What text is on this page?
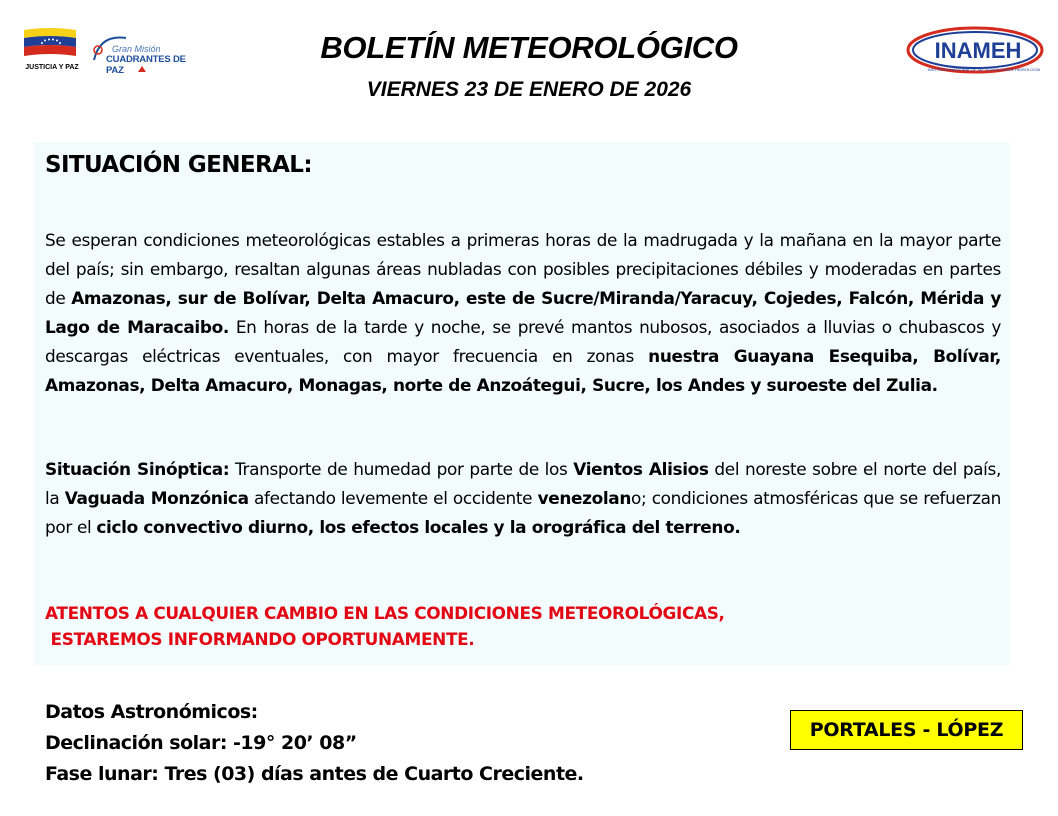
JUSTICIA Y PAZ
Gran Misión
CUADRANTES DE PAZ
BOLETÍN METEOROLÓGICO
VIERNES 23 DE ENERO DE 2026
INAMEH
INSTITUTO NACIONAL DE METEOROLOGÍA E HIDROLOGÍA
SITUACIÓN GENERAL:
Se esperan condiciones meteorológicas estables a primeras horas de la madrugada y la mañana en la mayor parte del país; sin embargo, resaltan algunas áreas nubladas con posibles precipitaciones débiles y moderadas en partes de Amazonas, sur de Bolívar, Delta Amacuro, este de Sucre/Miranda/Yaracuy, Cojedes, Falcón, Mérida y Lago de Maracaibo. En horas de la tarde y noche, se prevé mantos nubosos, asociados a lluvias o chubascos y descargas eléctricas eventuales, con mayor frecuencia en zonas nuestra Guayana Esequiba, Bolívar, Amazonas, Delta Amacuro, Monagas, norte de Anzoátegui, Sucre, los Andes y suroeste del Zulia.
Situación Sinóptica: Transporte de humedad por parte de los Vientos Alisios del noreste sobre el norte del país, la Vaguada Monzónica afectando levemente el occidente venezolano; condiciones atmosféricas que se refuerzan por el ciclo convectivo diurno, los efectos locales y la orográfica del terreno.
ATENTOS A CUALQUIER CAMBIO EN LAS CONDICIONES METEOROLÓGICAS,
ESTAREMOS INFORMANDO OPORTUNAMENTE.
Datos Astronómicos:
Declinación solar: -19° 20’ 08”
Fase lunar: Tres (03) días antes de Cuarto Creciente.
PORTALES - LÓPEZ
